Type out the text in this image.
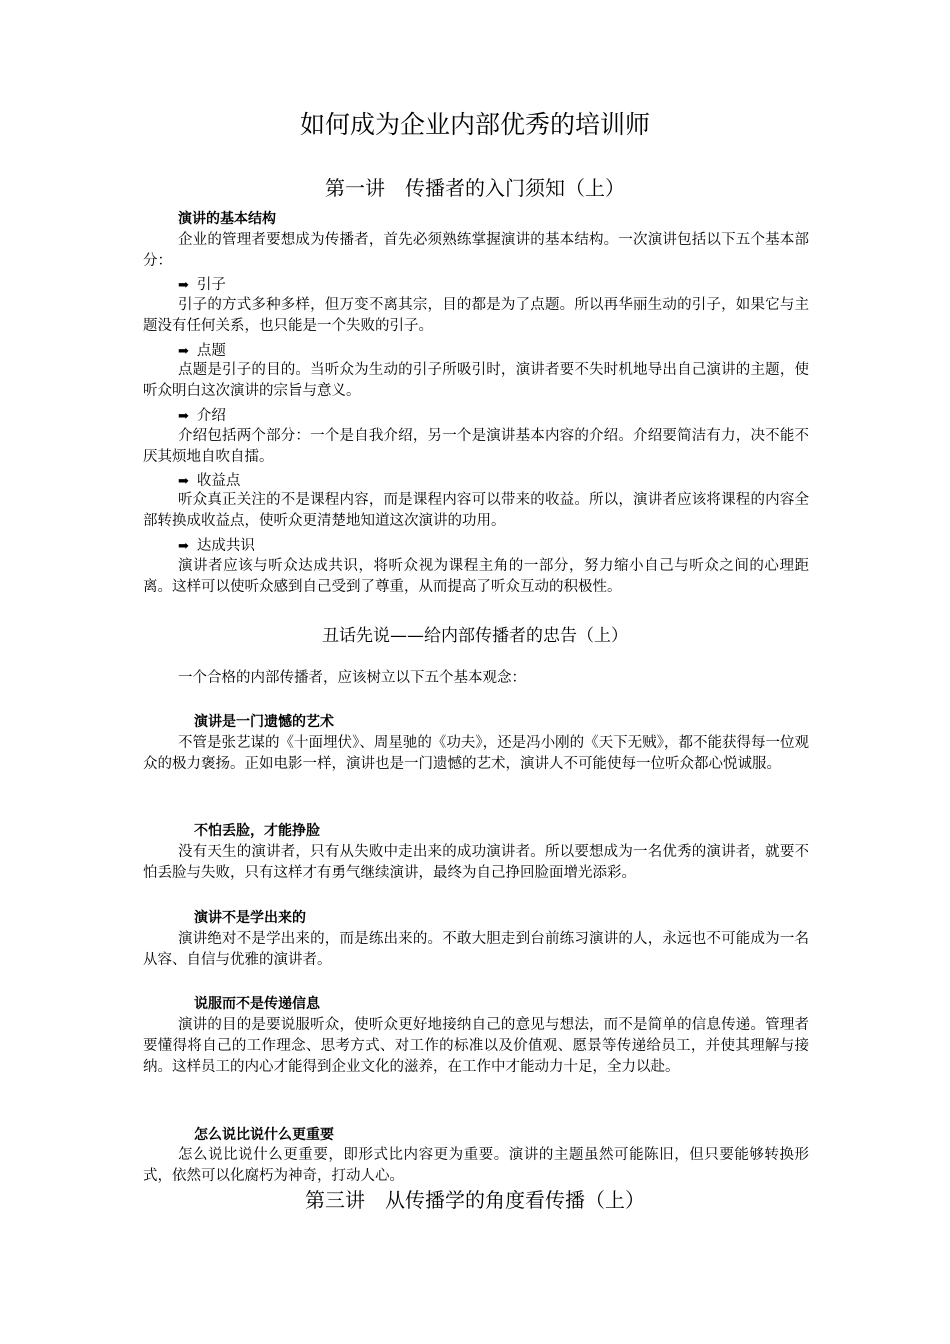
如何成为企业内部优秀的培训师
第一讲　传播者的入门须知（上）
演讲的基本结构
企业的管理者要想成为传播者，首先必须熟练掌握演讲的基本结构。一次演讲包括以下五个基本部分：
➡ 引子
引子的方式多种多样，但万变不离其宗，目的都是为了点题。所以再华丽生动的引子，如果它与主题没有任何关系，也只能是一个失败的引子。
➡ 点题
点题是引子的目的。当听众为生动的引子所吸引时，演讲者要不失时机地导出自己演讲的主题，使听众明白这次演讲的宗旨与意义。
➡ 介绍
介绍包括两个部分：一个是自我介绍，另一个是演讲基本内容的介绍。介绍要简洁有力，决不能不厌其烦地自吹自擂。
➡ 收益点
听众真正关注的不是课程内容，而是课程内容可以带来的收益。所以，演讲者应该将课程的内容全部转换成收益点，使听众更清楚地知道这次演讲的功用。
➡ 达成共识
演讲者应该与听众达成共识，将听众视为课程主角的一部分，努力缩小自己与听众之间的心理距离。这样可以使听众感到自己受到了尊重，从而提高了听众互动的积极性。
丑话先说——给内部传播者的忠告（上）
一个合格的内部传播者，应该树立以下五个基本观念：
演讲是一门遗憾的艺术
不管是张艺谋的《十面埋伏》、周星驰的《功夫》，还是冯小刚的《天下无贼》，都不能获得每一位观众的极力褒扬。正如电影一样，演讲也是一门遗憾的艺术，演讲人不可能使每一位听众都心悦诚服。
不怕丢脸，才能挣脸
没有天生的演讲者，只有从失败中走出来的成功演讲者。所以要想成为一名优秀的演讲者，就要不怕丢脸与失败，只有这样才有勇气继续演讲，最终为自己挣回脸面增光添彩。
演讲不是学出来的
演讲绝对不是学出来的，而是练出来的。不敢大胆走到台前练习演讲的人，永远也不可能成为一名从容、自信与优雅的演讲者。
说服而不是传递信息
演讲的目的是要说服听众，使听众更好地接纳自己的意见与想法，而不是简单的信息传递。管理者要懂得将自己的工作理念、思考方式、对工作的标准以及价值观、愿景等传递给员工，并使其理解与接纳。这样员工的内心才能得到企业文化的滋养，在工作中才能动力十足，全力以赴。
怎么说比说什么更重要
怎么说比说什么更重要，即形式比内容更为重要。演讲的主题虽然可能陈旧，但只要能够转换形式，依然可以化腐朽为神奇，打动人心。
第三讲　从传播学的角度看传播（上）
